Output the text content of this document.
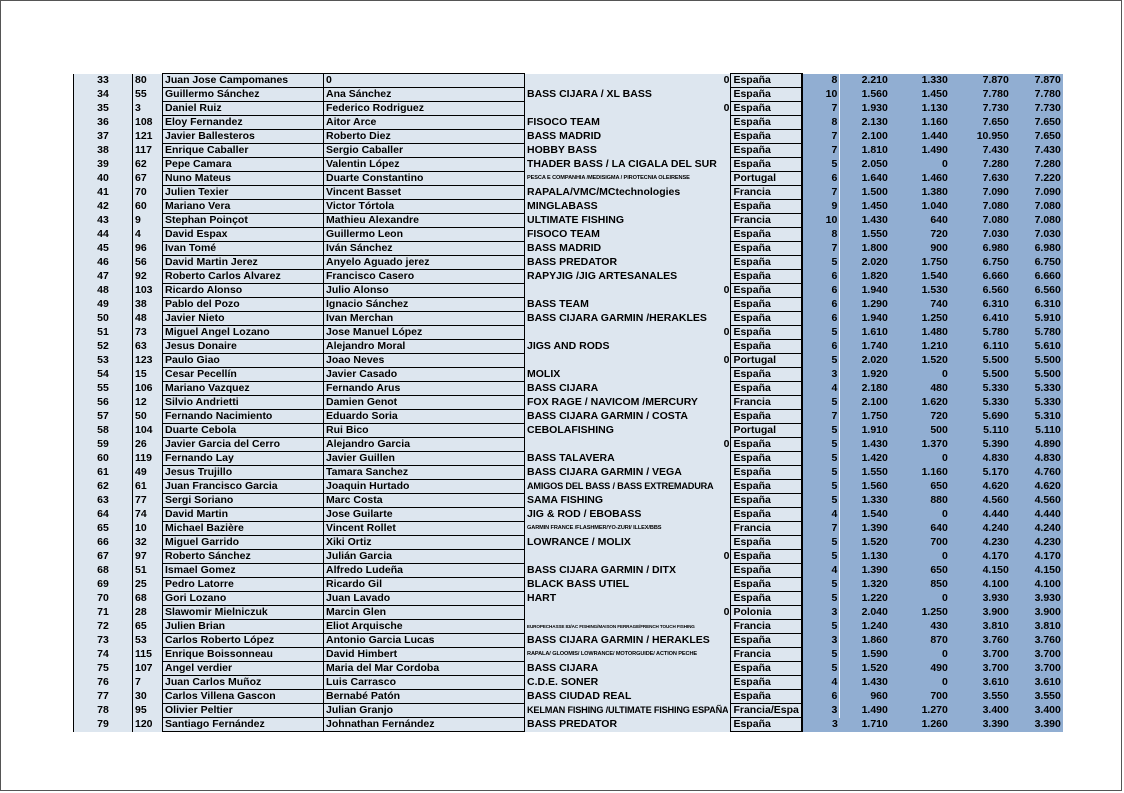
33	80	Juan Jose Campomanes	0	0	España	8	2.210	1.330	7.870	7.870
34	55	Guillermo Sánchez	Ana Sánchez	BASS CIJARA / XL BASS	España	10	1.560	1.450	7.780	7.780
35	3	Daniel Ruiz	Federico Rodriguez	0	España	7	1.930	1.130	7.730	7.730
36	108	Eloy Fernandez	Aitor Arce	FISOCO TEAM	España	8	2.130	1.160	7.650	7.650
37	121	Javier Ballesteros	Roberto Diez	BASS MADRID	España	7	2.100	1.440	10.950	7.650
38	117	Enrique Caballer	Sergio Caballer	HOBBY BASS	España	7	1.810	1.490	7.430	7.430
39	62	Pepe Camara	Valentin López	THADER BASS / LA CIGALA DEL SUR	España	5	2.050	0	7.280	7.280
40	67	Nuno Mateus	Duarte Constantino	PESCA E COMPANHIA /MEDISIGMA / PIROTECNIA OLEIRENSE	Portugal	6	1.640	1.460	7.630	7.220
41	70	Julien Texier	Vincent Basset	RAPALA/VMC/MCtechnologies	Francia	7	1.500	1.380	7.090	7.090
42	60	Mariano Vera	Victor Tórtola	MINGLABASS	España	9	1.450	1.040	7.080	7.080
43	9	Stephan Poinçot	Mathieu Alexandre	ULTIMATE FISHING	Francia	10	1.430	640	7.080	7.080
44	4	David Espax	Guillermo Leon	FISOCO TEAM	España	8	1.550	720	7.030	7.030
45	96	Ivan Tomé	Iván Sánchez	BASS MADRID	España	7	1.800	900	6.980	6.980
46	56	David Martin Jerez	Anyelo Aguado jerez	BASS PREDATOR	España	5	2.020	1.750	6.750	6.750
47	92	Roberto Carlos Alvarez	Francisco Casero	RAPYJIG /JIG ARTESANALES	España	6	1.820	1.540	6.660	6.660
48	103	Ricardo Alonso	Julio Alonso	0	España	6	1.940	1.530	6.560	6.560
49	38	Pablo del Pozo	Ignacio Sánchez	BASS TEAM	España	6	1.290	740	6.310	6.310
50	48	Javier Nieto	Ivan Merchan	BASS CIJARA GARMIN /HERAKLES	España	6	1.940	1.250	6.410	5.910
51	73	Miguel Angel Lozano	Jose Manuel López	0	España	5	1.610	1.480	5.780	5.780
52	63	Jesus Donaire	Alejandro Moral	JIGS AND RODS	España	6	1.740	1.210	6.110	5.610
53	123	Paulo Giao	Joao Neves	0	Portugal	5	2.020	1.520	5.500	5.500
54	15	Cesar Pecellín	Javier Casado	MOLIX	España	3	1.920	0	5.500	5.500
55	106	Mariano Vazquez	Fernando Arus	BASS CIJARA	España	4	2.180	480	5.330	5.330
56	12	Silvio Andrietti	Damien Genot	FOX RAGE / NAVICOM /MERCURY	Francia	5	2.100	1.620	5.330	5.330
57	50	Fernando Nacimiento	Eduardo Soria	BASS CIJARA GARMIN / COSTA	España	7	1.750	720	5.690	5.310
58	104	Duarte Cebola	Rui Bico	CEBOLAFISHING	Portugal	5	1.910	500	5.110	5.110
59	26	Javier Garcia del Cerro	Alejandro Garcia	0	España	5	1.430	1.370	5.390	4.890
60	119	Fernando Lay	Javier Guillen	BASS TALAVERA	España	5	1.420	0	4.830	4.830
61	49	Jesus Trujillo	Tamara Sanchez	BASS CIJARA GARMIN / VEGA	España	5	1.550	1.160	5.170	4.760
62	61	Juan Francisco Garcia	Joaquin Hurtado	AMIGOS DEL BASS / BASS EXTREMADURA	España	5	1.560	650	4.620	4.620
63	77	Sergi Soriano	Marc Costa	SAMA FISHING	España	5	1.330	880	4.560	4.560
64	74	David Martin	Jose Guilarte	JIG & ROD / EBOBASS	España	4	1.540	0	4.440	4.440
65	10	Michael Bazière	Vincent Rollet	GARMIN FRANCE /FLASHMER/YO-ZURI/ ILLEX/BBS	Francia	7	1.390	640	4.240	4.240
66	32	Miguel Garrido	Xiki Ortiz	LOWRANCE / MOLIX	España	5	1.520	700	4.230	4.230
67	97	Roberto Sánchez	Julián Garcia	0	España	5	1.130	0	4.170	4.170
68	51	Ismael Gomez	Alfredo Ludeña	BASS CIJARA GARMIN / DITX	España	4	1.390	650	4.150	4.150
69	25	Pedro Latorre	Ricardo Gil	BLACK BASS UTIEL	España	5	1.320	850	4.100	4.100
70	68	Gori Lozano	Juan Lavado	HART	España	5	1.220	0	3.930	3.930
71	28	Slawomir Mielniczuk	Marcin Glen	0	Polonia	3	2.040	1.250	3.900	3.900
72	65	Julien Brian	Eliot Arquische	EUROPECHASSE 83/AC FISHING/MAISON FERRAGE/FRENCH TOUCH FISHING	Francia	5	1.240	430	3.810	3.810
73	53	Carlos Roberto López	Antonio Garcia Lucas	BASS CIJARA GARMIN / HERAKLES	España	3	1.860	870	3.760	3.760
74	115	Enrique Boissonneau	David Himbert	RAPALA/ GLOOMIS/ LOWRANCE/ MOTORGUIDE/ ACTION PECHE	Francia	5	1.590	0	3.700	3.700
75	107	Angel verdier	Maria del Mar Cordoba	BASS CIJARA	España	5	1.520	490	3.700	3.700
76	7	Juan Carlos Muñoz	Luis Carrasco	C.D.E. SONER	España	4	1.430	0	3.610	3.610
77	30	Carlos Villena Gascon	Bernabé Patón	BASS CIUDAD REAL	España	6	960	700	3.550	3.550
78	95	Olivier Peltier	Julian Granjo	KELMAN FISHING /ULTIMATE FISHING ESPAÑA	Francia/Espa	3	1.490	1.270	3.400	3.400
79	120	Santiago Fernández	Johnathan Fernández	BASS PREDATOR	España	3	1.710	1.260	3.390	3.390
